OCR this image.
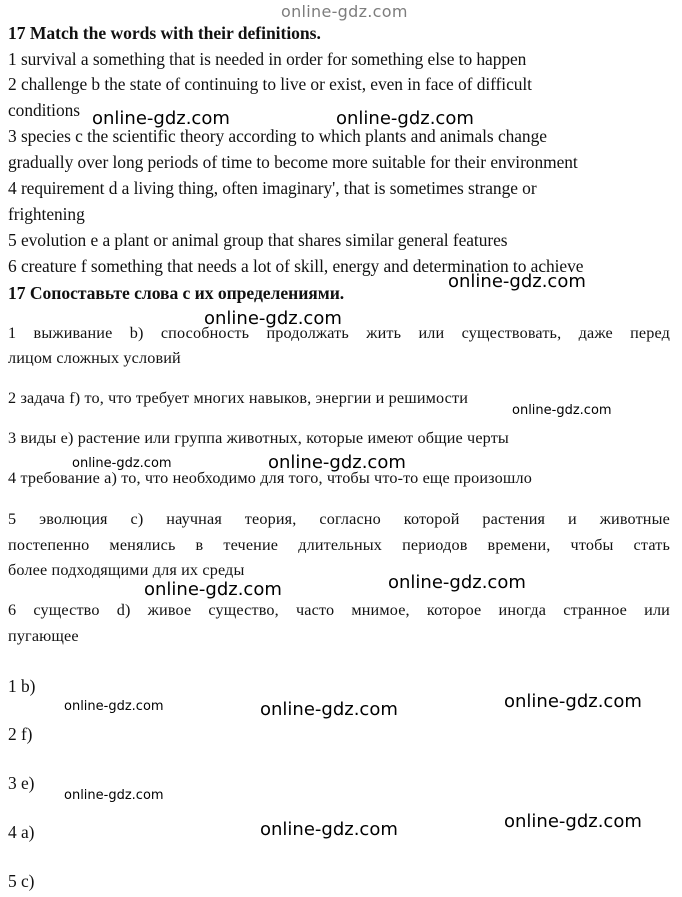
online-gdz.com
17 Match the words with their definitions.
1 survival a something that is needed in order for something else to happen
2 challenge b the state of continuing to live or exist, even in face of difficult
conditions
3 species c the scientific theory according to which plants and animals change
gradually over long periods of time to become more suitable for their environment
4 requirement d a living thing, often imaginary', that is sometimes strange or
frightening
5 evolution e a plant or animal group that shares similar general features
6 creature f something that needs a lot of skill, energy and determination to achieve
17 Сопоставьте слова с их определениями.
1 выживание b) способность продолжать жить или существовать, даже перед
лицом сложных условий
2 задача f) то, что требует многих навыков, энергии и решимости
3 виды e) растение или группа животных, которые имеют общие черты
4 требование a) то, что необходимо для того, чтобы что-то еще произошло
5 эволюция c) научная теория, согласно которой растения и животные
постепенно менялись в течение длительных периодов времени, чтобы стать
более подходящими для их среды
6 существо d) живое существо, часто мнимое, которое иногда странное или
пугающее
1 b)
2 f)
3 e)
4 a)
5 c)
online-gdz.com	online-gdz.com
online-gdz.com
online-gdz.com
online-gdz.com
online-gdz.com
online-gdz.com
online-gdz.com
online-gdz.com
online-gdz.com
online-gdz.com	online-gdz.com
online-gdz.com
online-gdz.com
online-gdz.com
